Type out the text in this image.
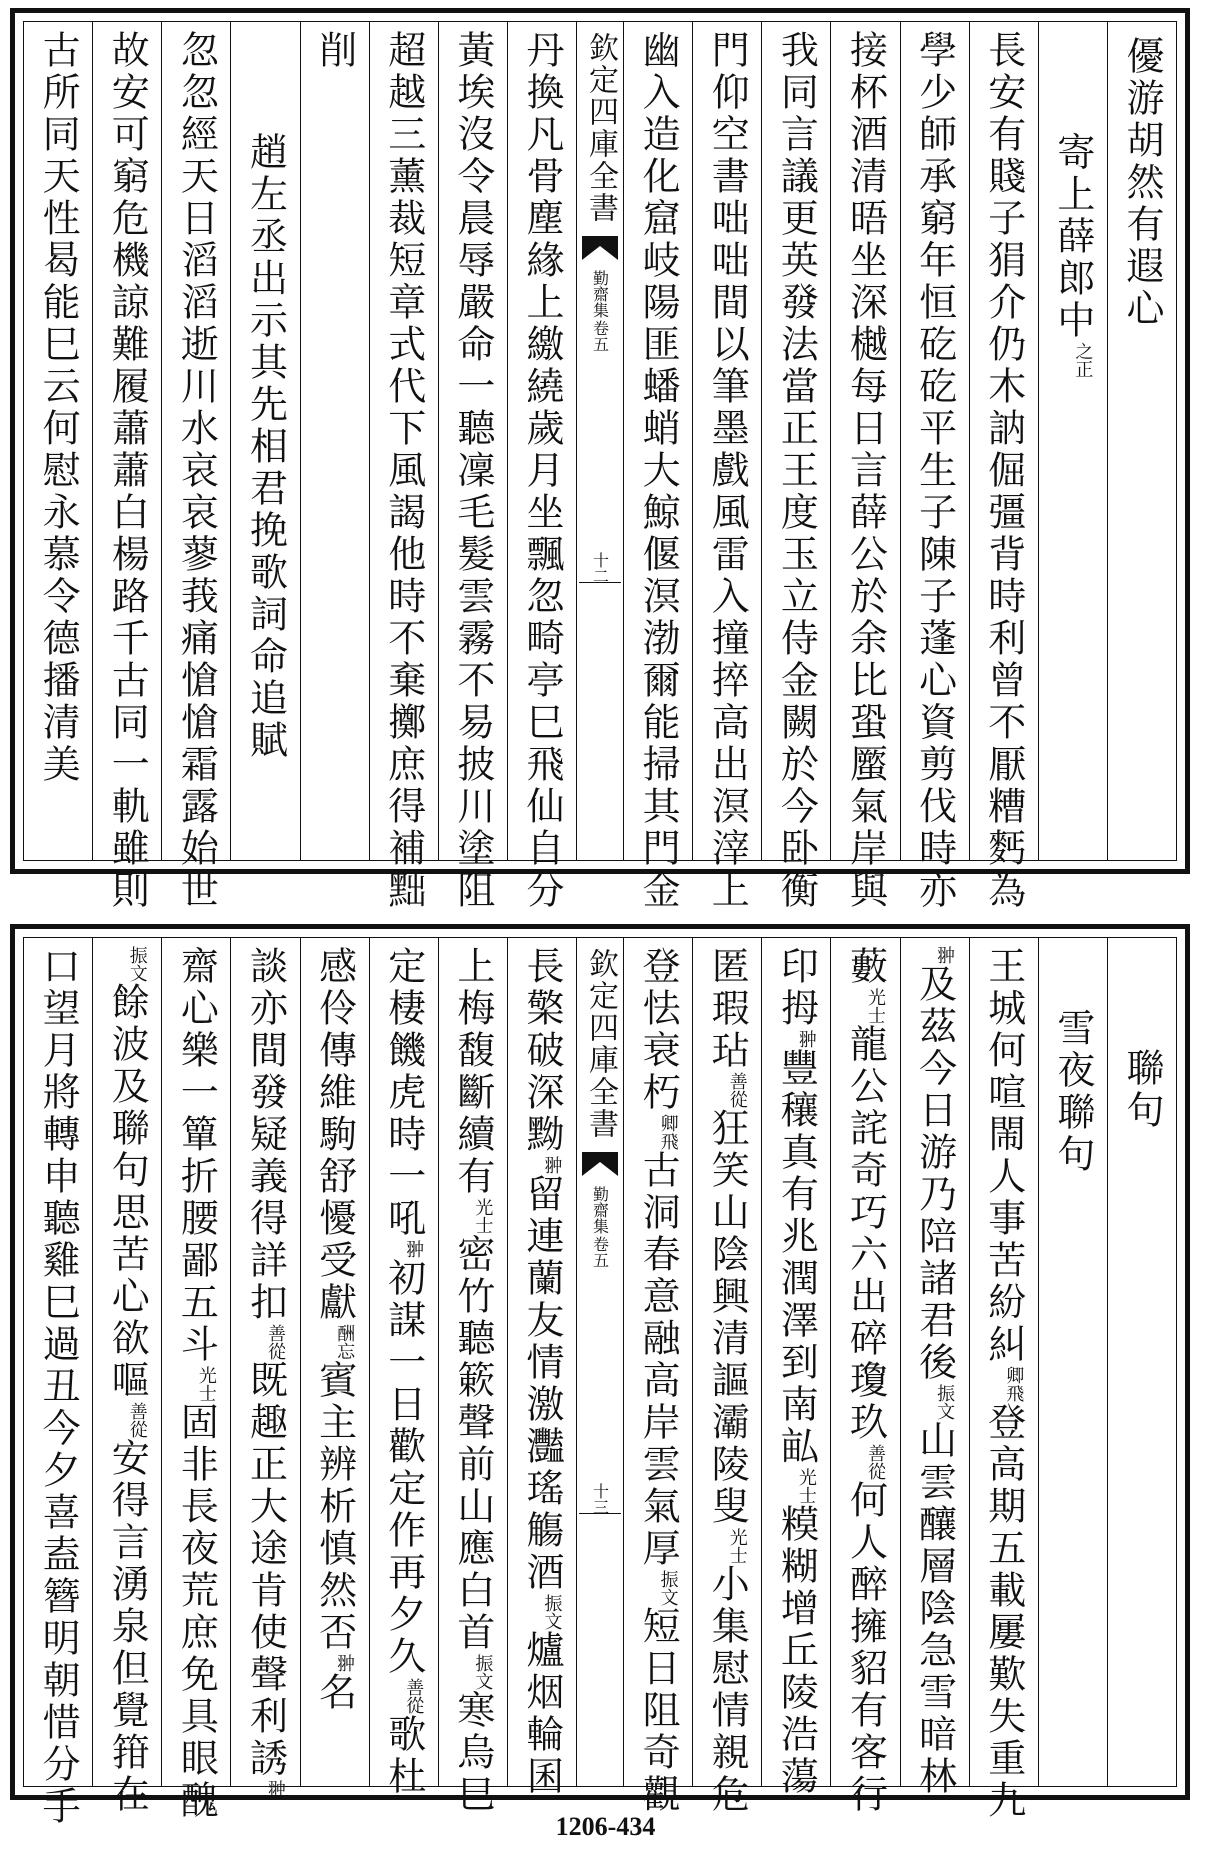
優游胡然有遐心
寄上薛郎中之正
長安有賤子狷介仍木訥倔彊背時利曾不厭糟麫為
學少師承窮年恒矻矻平生子陳子蓬心資剪伐時亦
接杯酒清晤坐深樾每日言薛公於余比蛩蟨氣岸與
我同言議更英發法當正王度玉立侍金闕於今卧衡
門仰空書咄咄間以筆墨戲風雷入撞捽高出溟滓上
幽入造化窟岐陽匪蟠蛸大鯨偃溟渤爾能掃其門金
欽定四庫全書
勤齋集
卷五
十二
丹換凡骨塵緣上繳繞歲月坐飄忽畸亭巳飛仙自分
黃埃沒令晨辱嚴命一聽凜毛髮雲霧不易披川塗阻
超越三薰裁短章式代下風謁他時不棄擲庶得補黜
削
趙左丞出示其先相君挽歌詞命追賦
忽忽經天日滔滔逝川水哀哀蓼莪痛愴愴霜露始世
故安可窮危機諒難履蕭蕭白楊路千古同一軌雖則
古所同天性曷能巳云何慰永慕令德播清美
聯句
雪夜聯句
王城何喧閙人事苦紛糾卿飛登高期五載屢歎失重九
翀及茲今日游乃陪諸君後振文山雲釀層陰急雪暗林
藪光士龍公詫奇巧六出碎瓊玖善從何人醉擁貂有客行
印拇翀豐穰真有兆潤澤到南畆光士糢糊增丘陵浩蕩
匿瑕玷善從狂笑山陰興清謳灞陵叟光士小集慰情親危
登怯衰朽卿飛古洞春意融高岸雲氣厚振文短日阻奇觀
欽定四庫全書
勤齋集
卷五
十三
長檠破深黝翀留連蘭友情激灩瑤觴酒振文爐烟輪囷
上梅馥斷續有光士密竹聽簌聲前山應白首振文寒烏巳
定棲饑虎時一吼翀初謀一日歡定作再夕久善從歌杜
感伶傳維駒舒懮受獻酬忘賓主辨析慎然否翀名
談亦間發疑義得詳扣善從既趣正大途肯使聲利誘翀
齋心樂一簞折腰鄙五斗光士固非長夜荒庶免具眼醜
振文餘波及聯句思苦心欲嘔善從安得言湧泉但覺箝在
口望月將轉申聽雞巳過丑今夕喜盍簪明朝惜分手	1206-434
